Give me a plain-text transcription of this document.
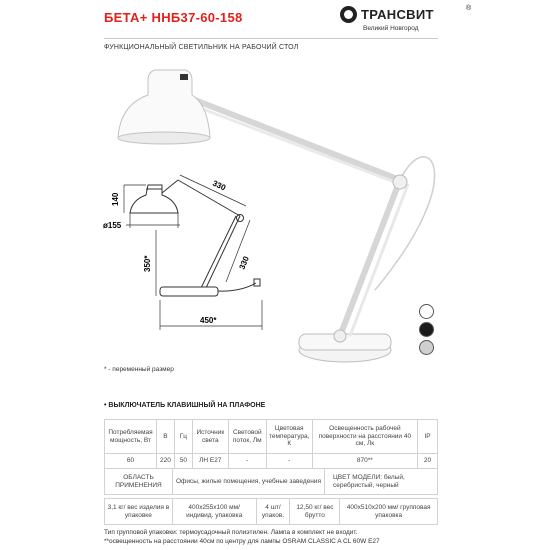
БЕТА+ ННБ37-60-158	ТРАНСВИТ	®
Великий Новгород
ФУНКЦИОНАЛЬНЫЙ СВЕТИЛЬНИК НА РАБОЧИЙ СТОЛ
140
ø155
350*
330
330
450*
* - переменный размер
• ВЫКЛЮЧАТЕЛЬ КЛАВИШНЫЙ НА ПЛАФОНЕ
Потребляемая мощность, Вт	В	Гц	Источник света	Световой поток, Лм	Цветовая температура, К	Освещенность рабочей поверхности на расстоянии 40 см, Лк	IP
60	220	50	ЛН Е27	-	-	870**	20
ОБЛАСТЬ ПРИМЕНЕНИЯ	Офисы, жилые помещения, учебные заведения	ЦВЕТ МОДЕЛИ: белый, серебристый, черный
3,1 кг/ вес изделия в упаковке	400x255x100 мм/ индивид. упаковка	4 шт/ упаков.	12,50 кг/ вес брутто	400x510x200 мм/ групповая упаковка
Тип групповой упаковки: термоусадочный полиэтилен. Лампа в комплект не входит.
**освещенность на расстоянии 40см по центру для лампы OSRAM CLASSIC A CL 60W E27
